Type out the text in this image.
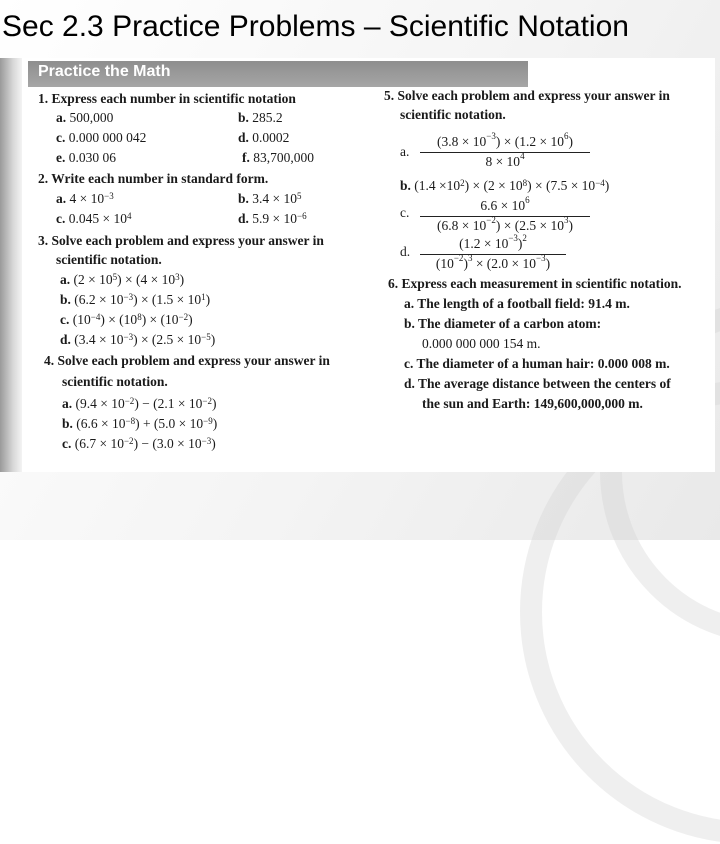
Sec 2.3 Practice Problems – Scientific Notation
Practice the Math
1. Express each number in scientific notation
a. 500,000	b. 285.2
c. 0.000 000 042	d. 0.0002
e. 0.030 06	f. 83,700,000
2. Write each number in standard form.
a. $4 \times 10^{-3}$	b. $3.4 \times 10^5$
c. $0.045 \times 10^4$	d. $5.9 \times 10^{-6}$
3. Solve each problem and express your answer in
scientific notation.
a. $(2 \times 10^5) \times (4 \times 10^3)$
b. $(6.2 \times 10^{-3}) \times (1.5 \times 10^1)$
c. $(10^{-4}) \times (10^8) \times (10^{-2})$
d. $(3.4 \times 10^{-3}) \times (2.5 \times 10^{-5})$
4. Solve each problem and express your answer in
scientific notation.
a. $(9.4 \times 10^{-2}) - (2.1 \times 10^{-2})$
b. $(6.6 \times 10^{-8}) + (5.0 \times 10^{-9})$
c. $(6.7 \times 10^{-2}) - (3.0 \times 10^{-3})$
5. Solve each problem and express your answer in
scientific notation.
a.
$(3.8 \times 10^{-3}) \times (1.2 \times 10^6)$
$8 \times 10^4$
b. $(1.4 \times 10^2) \times (2 \times 10^8) \times (7.5 \times 10^{-4})$
c.	$6.6 \times 10^6$
$(6.8 \times 10^{-2}) \times (2.5 \times 10^3)$
d.
$(1.2 \times 10^{-3})^2$
$(10^{-2})^3 \times (2.0 \times 10^{-3})$
6. Express each measurement in scientific notation.
a. The length of a football field: 91.4 m.
b. The diameter of a carbon atom:
0.000 000 000 154 m.
c. The diameter of a human hair: 0.000 008 m.
d. The average distance between the centers of
the sun and Earth: 149,600,000,000 m.
